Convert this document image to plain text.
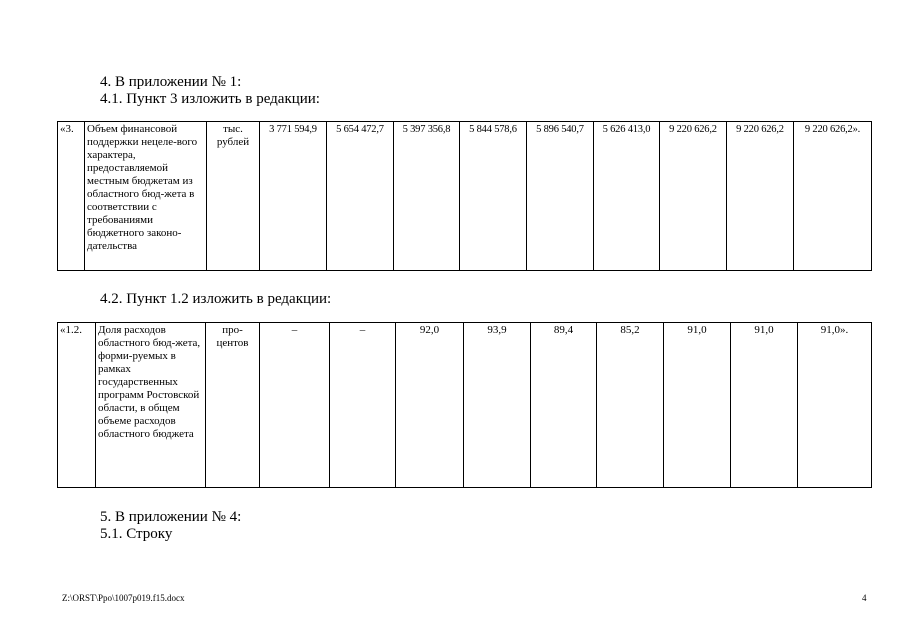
4. В приложении № 1:
4.1. Пункт 3 изложить в редакции:
«3.	Объем финансовой поддержки нецеле-вого характера, предоставляемой местным бюджетам из областного бюд-жета в соответствии с требованиями бюджетного законо-дательства	тыс. рублей	3 771 594,9	5 654 472,7	5 397 356,8	5 844 578,6	5 896 540,7	5 626 413,0	9 220 626,2	9 220 626,2	9 220 626,2».
4.2. Пункт 1.2 изложить в редакции:
«1.2.	Доля расходов областного бюд-жета, форми-руемых в рамках государственных программ Ростовской области, в общем объеме расходов областного бюджета	про-центов	–	–	92,0	93,9	89,4	85,2	91,0	91,0	91,0».
5. В приложении № 4:
5.1. Строку
Z:\ORST\Ppo\1007p019.f15.docx	4
